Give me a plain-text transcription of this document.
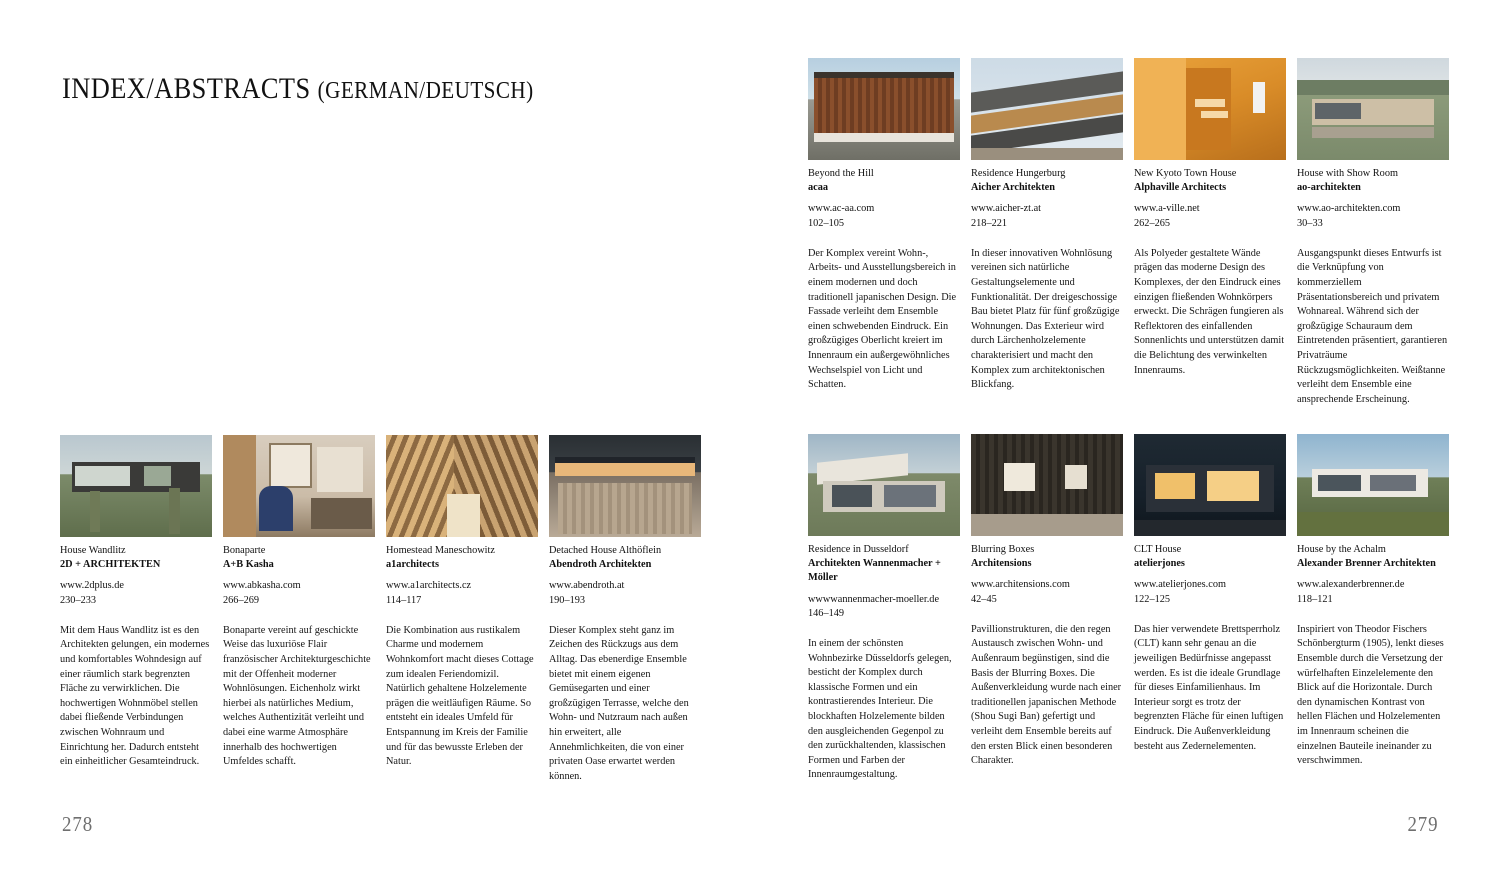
INDEX/ABSTRACTS (GERMAN/DEUTSCH)
House Wandlitz
2D + ARCHITEKTEN
www.2dplus.de
230–233
Mit dem Haus Wandlitz ist es den Architekten gelungen, ein modernes und komfortables Wohndesign auf einer räumlich stark begrenzten Fläche zu verwirklichen. Die hochwertigen Wohnmöbel stellen dabei fließende Verbindungen zwischen Wohnraum und Einrichtung her. Dadurch entsteht ein einheitlicher Gesamteindruck.
Bonaparte
A+B Kasha
www.abkasha.com
266–269
Bonaparte vereint auf geschickte Weise das luxuriöse Flair französischer Architekturgeschichte mit der Offenheit moderner Wohnlösungen. Eichenholz wirkt hierbei als natürliches Medium, welches Authentizität verleiht und dabei eine warme Atmosphäre innerhalb des hochwertigen Umfeldes schafft.
Homestead Maneschowitz
a1architects
www.a1architects.cz
114–117
Die Kombination aus rustikalem Charme und modernem Wohnkomfort macht dieses Cottage zum idealen Feriendomizil. Natürlich gehaltene Holzelemente prägen die weitläufigen Räume. So entsteht ein ideales Umfeld für Entspannung im Kreis der Familie und für das bewusste Erleben der Natur.
Detached House Althöflein
Abendroth Architekten
www.abendroth.at
190–193
Dieser Komplex steht ganz im Zeichen des Rückzugs aus dem Alltag. Das ebenerdige Ensemble bietet mit einem eigenen Gemüsegarten und einer großzügigen Terrasse, welche den Wohn- und Nutzraum nach außen hin erweitert, alle Annehmlichkeiten, die von einer privaten Oase erwartet werden können.
278
Beyond the Hill
acaa
www.ac-aa.com
102–105
Der Komplex vereint Wohn-, Arbeits- und Ausstellungsbereich in einem modernen und doch traditionell japanischen Design. Die Fassade verleiht dem Ensemble einen schwebenden Eindruck. Ein großzügiges Oberlicht kreiert im Innenraum ein außergewöhnliches Wechselspiel von Licht und Schatten.
Residence Hungerburg
Aicher Architekten
www.aicher-zt.at
218–221
In dieser innovativen Wohnlösung vereinen sich natürliche Gestaltungselemente und Funktionalität. Der dreigeschossige Bau bietet Platz für fünf großzügige Wohnungen. Das Exterieur wird durch Lärchenholzelemente charakterisiert und macht den Komplex zum architektonischen Blickfang.
New Kyoto Town House
Alphaville Architects
www.a-ville.net
262–265
Als Polyeder gestaltete Wände prägen das moderne Design des Komplexes, der den Eindruck eines einzigen fließenden Wohnkörpers erweckt. Die Schrägen fungieren als Reflektoren des einfallenden Sonnenlichts und unterstützen damit die Belichtung des verwinkelten Innenraums.
House with Show Room
ao-architekten
www.ao-architekten.com
30–33
Ausgangspunkt dieses Entwurfs ist die Verknüpfung von kommerziellem Präsentationsbereich und privatem Wohnareal. Während sich der großzügige Schauraum dem Eintretenden präsentiert, garantieren Privaträume Rückzugsmöglichkeiten. Weißtanne verleiht dem Ensemble eine ansprechende Erscheinung.
Residence in Dusseldorf
Architekten Wannenmacher + Möller
wwwwannenmacher-moeller.de
146–149
In einem der schönsten Wohnbezirke Düsseldorfs gelegen, besticht der Komplex durch klassische Formen und ein kontrastierendes Interieur. Die blockhaften Holzelemente bilden den ausgleichenden Gegenpol zu den zurückhaltenden, klassischen Formen und Farben der Innenraumgestaltung.
Blurring Boxes
Architensions
www.architensions.com
42–45
Pavillionstrukturen, die den regen Austausch zwischen Wohn- und Außenraum begünstigen, sind die Basis der Blurring Boxes. Die Außenverkleidung wurde nach einer traditionellen japanischen Methode (Shou Sugi Ban) gefertigt und verleiht dem Ensemble bereits auf den ersten Blick einen besonderen Charakter.
CLT House
atelierjones
www.atelierjones.com
122–125
Das hier verwendete Brettsperrholz (CLT) kann sehr genau an die jeweiligen Bedürfnisse angepasst werden. Es ist die ideale Grundlage für dieses Einfamilienhaus. Im Interieur sorgt es trotz der begrenzten Fläche für einen luftigen Eindruck. Die Außenverkleidung besteht aus Zedernelementen.
House by the Achalm
Alexander Brenner Architekten
www.alexanderbrenner.de
118–121
Inspiriert von Theodor Fischers Schönbergturm (1905), lenkt dieses Ensemble durch die Versetzung der würfelhaften Einzelelemente den Blick auf die Horizontale. Durch den dynamischen Kontrast von hellen Flächen und Holzelementen im Innenraum scheinen die einzelnen Bauteile ineinander zu verschwimmen.
279
